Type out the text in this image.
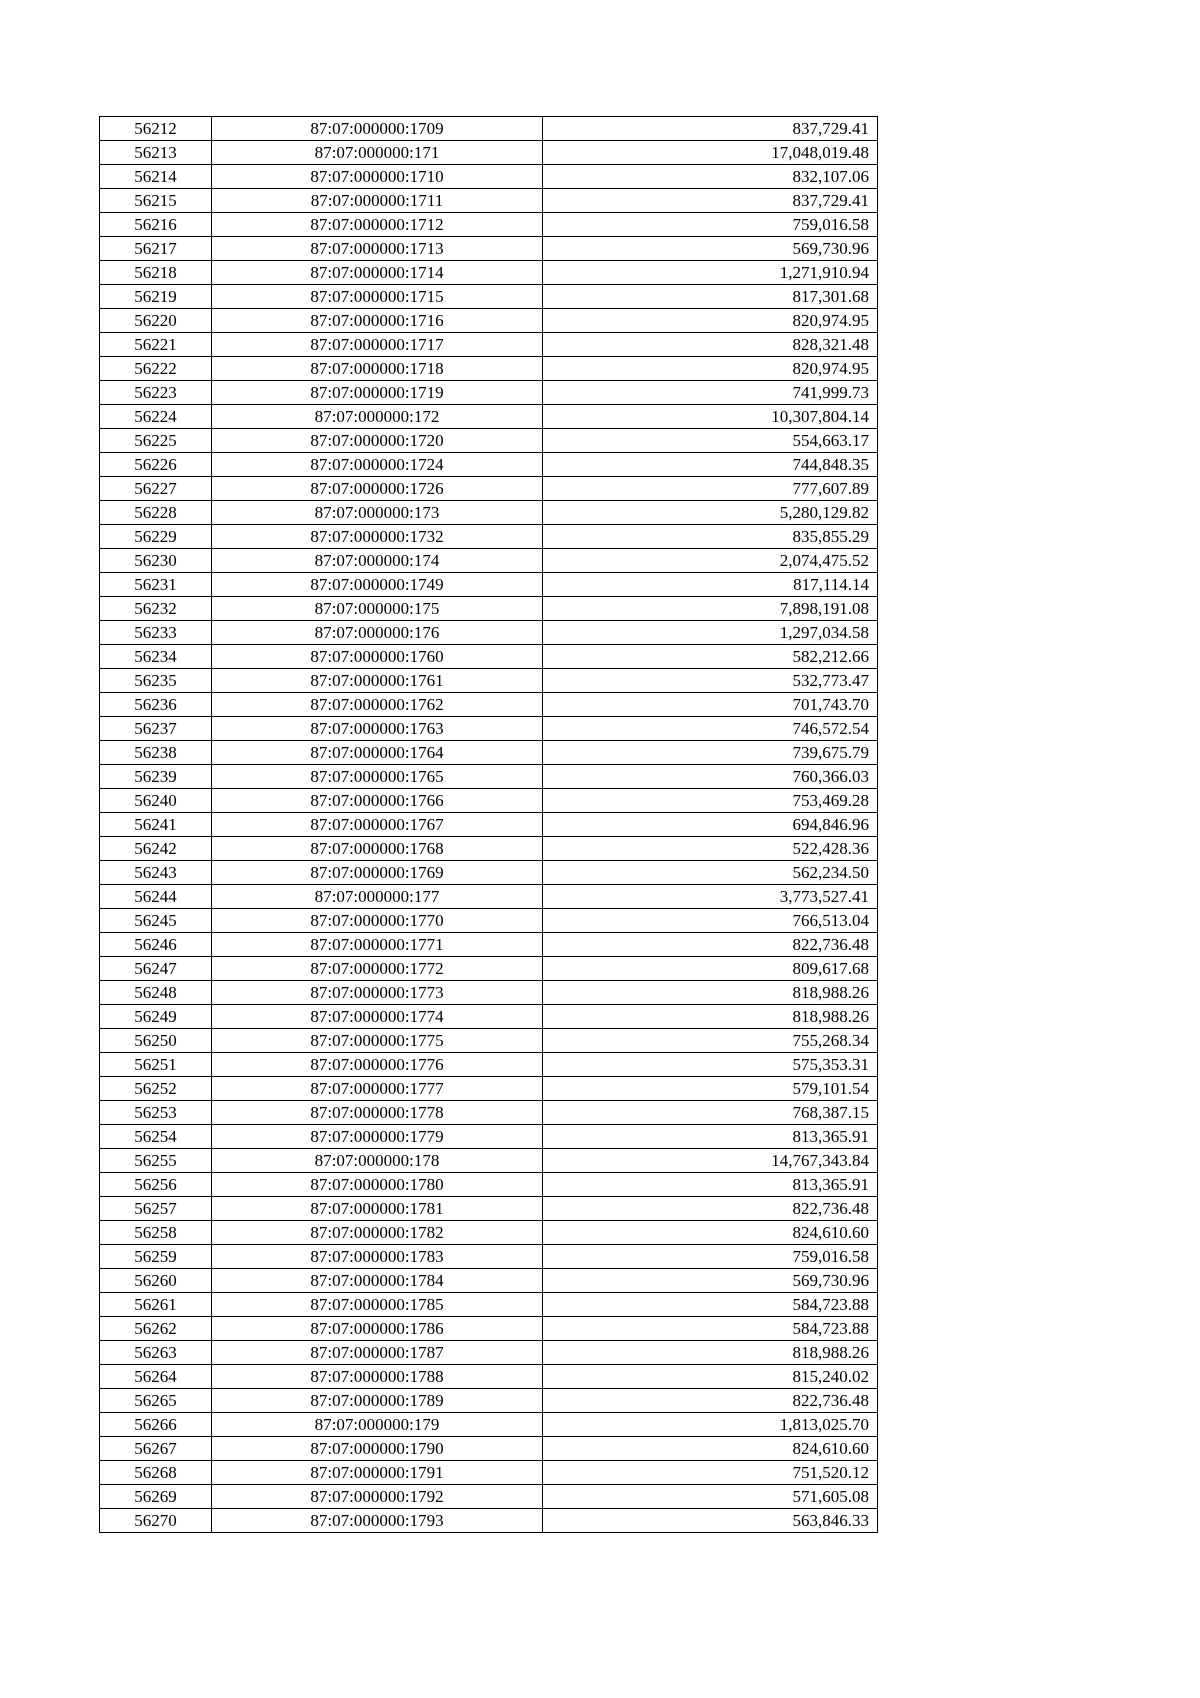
56212	87:07:000000:1709	837,729.41
56213	87:07:000000:171	17,048,019.48
56214	87:07:000000:1710	832,107.06
56215	87:07:000000:1711	837,729.41
56216	87:07:000000:1712	759,016.58
56217	87:07:000000:1713	569,730.96
56218	87:07:000000:1714	1,271,910.94
56219	87:07:000000:1715	817,301.68
56220	87:07:000000:1716	820,974.95
56221	87:07:000000:1717	828,321.48
56222	87:07:000000:1718	820,974.95
56223	87:07:000000:1719	741,999.73
56224	87:07:000000:172	10,307,804.14
56225	87:07:000000:1720	554,663.17
56226	87:07:000000:1724	744,848.35
56227	87:07:000000:1726	777,607.89
56228	87:07:000000:173	5,280,129.82
56229	87:07:000000:1732	835,855.29
56230	87:07:000000:174	2,074,475.52
56231	87:07:000000:1749	817,114.14
56232	87:07:000000:175	7,898,191.08
56233	87:07:000000:176	1,297,034.58
56234	87:07:000000:1760	582,212.66
56235	87:07:000000:1761	532,773.47
56236	87:07:000000:1762	701,743.70
56237	87:07:000000:1763	746,572.54
56238	87:07:000000:1764	739,675.79
56239	87:07:000000:1765	760,366.03
56240	87:07:000000:1766	753,469.28
56241	87:07:000000:1767	694,846.96
56242	87:07:000000:1768	522,428.36
56243	87:07:000000:1769	562,234.50
56244	87:07:000000:177	3,773,527.41
56245	87:07:000000:1770	766,513.04
56246	87:07:000000:1771	822,736.48
56247	87:07:000000:1772	809,617.68
56248	87:07:000000:1773	818,988.26
56249	87:07:000000:1774	818,988.26
56250	87:07:000000:1775	755,268.34
56251	87:07:000000:1776	575,353.31
56252	87:07:000000:1777	579,101.54
56253	87:07:000000:1778	768,387.15
56254	87:07:000000:1779	813,365.91
56255	87:07:000000:178	14,767,343.84
56256	87:07:000000:1780	813,365.91
56257	87:07:000000:1781	822,736.48
56258	87:07:000000:1782	824,610.60
56259	87:07:000000:1783	759,016.58
56260	87:07:000000:1784	569,730.96
56261	87:07:000000:1785	584,723.88
56262	87:07:000000:1786	584,723.88
56263	87:07:000000:1787	818,988.26
56264	87:07:000000:1788	815,240.02
56265	87:07:000000:1789	822,736.48
56266	87:07:000000:179	1,813,025.70
56267	87:07:000000:1790	824,610.60
56268	87:07:000000:1791	751,520.12
56269	87:07:000000:1792	571,605.08
56270	87:07:000000:1793	563,846.33
